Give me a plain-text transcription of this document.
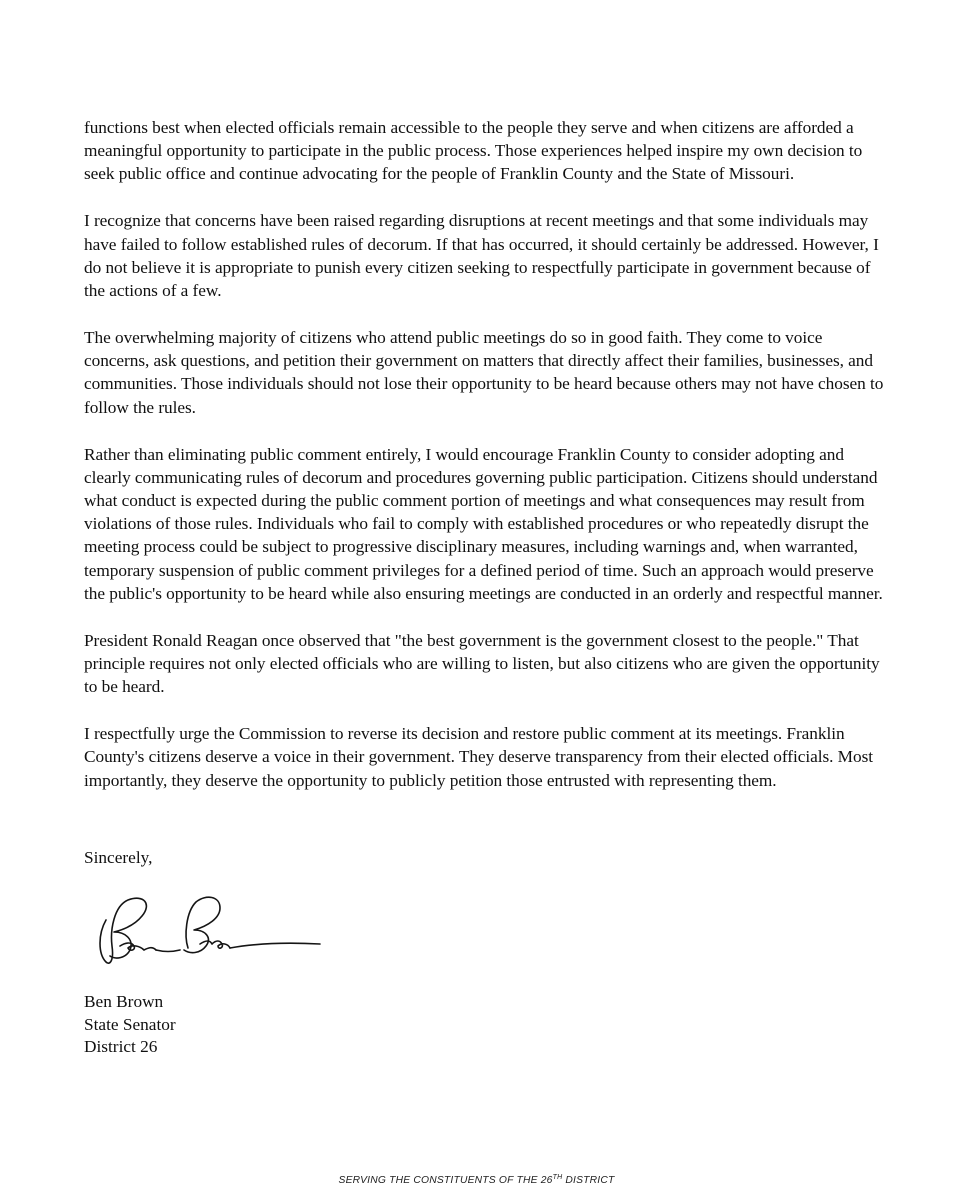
functions best when elected officials remain accessible to the people they serve and when citizens are afforded a meaningful opportunity to participate in the public process. Those experiences helped inspire my own decision to seek public office and continue advocating for the people of Franklin County and the State of Missouri.

I recognize that concerns have been raised regarding disruptions at recent meetings and that some individuals may have failed to follow established rules of decorum. If that has occurred, it should certainly be addressed. However, I do not believe it is appropriate to punish every citizen seeking to respectfully participate in government because of the actions of a few.

The overwhelming majority of citizens who attend public meetings do so in good faith. They come to voice concerns, ask questions, and petition their government on matters that directly affect their families, businesses, and communities. Those individuals should not lose their opportunity to be heard because others may not have chosen to follow the rules.

Rather than eliminating public comment entirely, I would encourage Franklin County to consider adopting and clearly communicating rules of decorum and procedures governing public participation. Citizens should understand what conduct is expected during the public comment portion of meetings and what consequences may result from violations of those rules. Individuals who fail to comply with established procedures or who repeatedly disrupt the meeting process could be subject to progressive disciplinary measures, including warnings and, when warranted, temporary suspension of public comment privileges for a defined period of time. Such an approach would preserve the public's opportunity to be heard while also ensuring meetings are conducted in an orderly and respectful manner.

President Ronald Reagan once observed that "the best government is the government closest to the people." That principle requires not only elected officials who are willing to listen, but also citizens who are given the opportunity to be heard.

I respectfully urge the Commission to reverse its decision and restore public comment at its meetings. Franklin County's citizens deserve a voice in their government. They deserve transparency from their elected officials. Most importantly, they deserve the opportunity to publicly petition those entrusted with representing them.

Sincerely,
Ben Brown
State Senator
District 26
SERVING THE CONSTITUENTS OF THE 26TH DISTRICT
